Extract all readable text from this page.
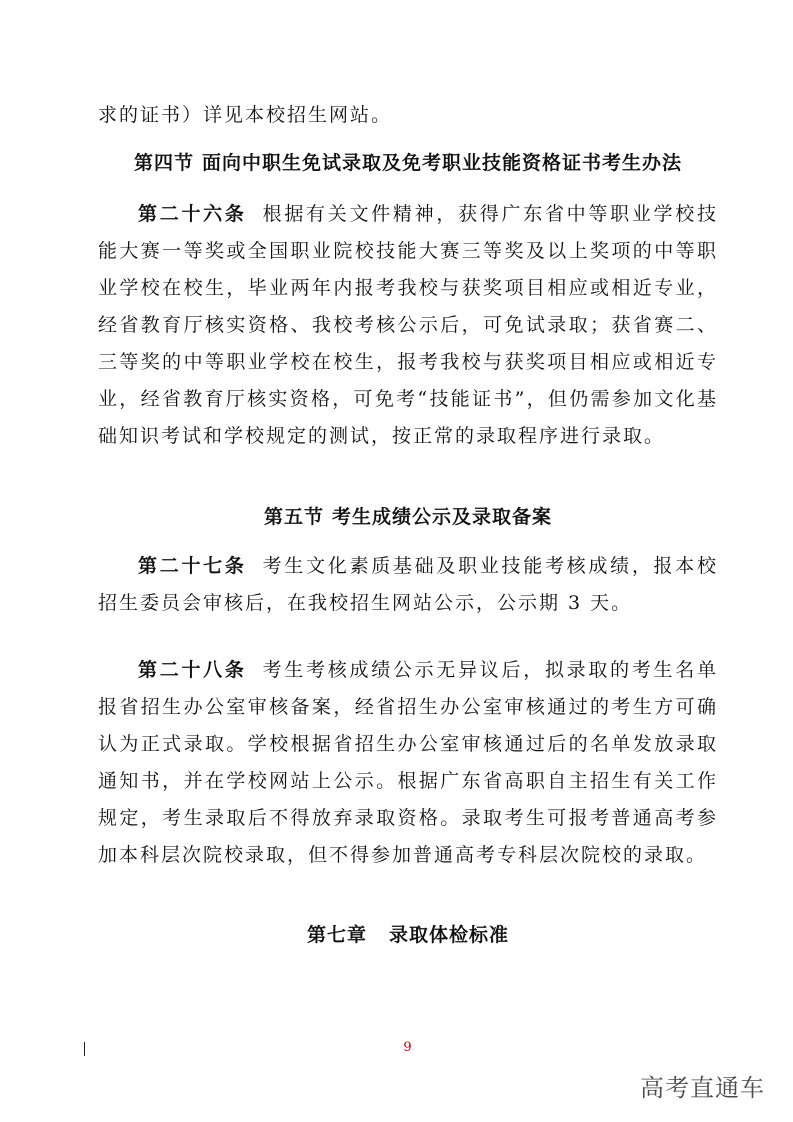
求的证书）详见本校招生网站。

第四节 面向中职生免试录取及免考职业技能资格证书考生办法

第二十六条 根据有关文件精神，获得广东省中等职业学校技能大赛一等奖或全国职业院校技能大赛三等奖及以上奖项的中等职业学校在校生，毕业两年内报考我校与获奖项目相应或相近专业，经省教育厅核实资格、我校考核公示后，可免试录取；获省赛二、三等奖的中等职业学校在校生，报考我校与获奖项目相应或相近专业，经省教育厅核实资格，可免考“技能证书”，但仍需参加文化基础知识考试和学校规定的测试，按正常的录取程序进行录取。

第五节 考生成绩公示及录取备案

第二十七条 考生文化素质基础及职业技能考核成绩，报本校招生委员会审核后，在我校招生网站公示，公示期 3 天。

第二十八条 考生考核成绩公示无异议后，拟录取的考生名单报省招生办公室审核备案，经省招生办公室审核通过的考生方可确认为正式录取。学校根据省招生办公室审核通过后的名单发放录取通知书，并在学校网站上公示。根据广东省高职自主招生有关工作规定，考生录取后不得放弃录取资格。录取考生可报考普通高考参加本科层次院校录取，但不得参加普通高考专科层次院校的录取。

第七章 录取体检标准
9
高考直通车
